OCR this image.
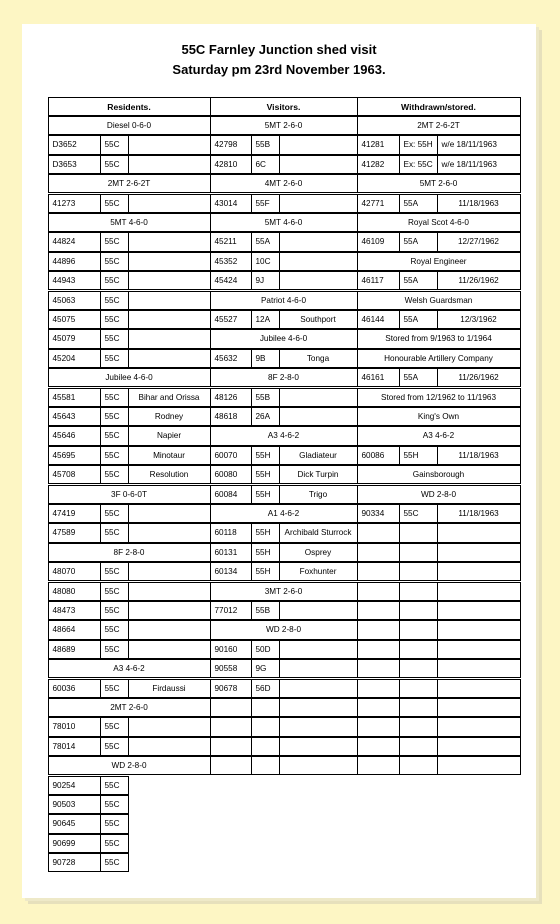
55C Farnley Junction shed visit
Saturday pm 23rd November 1963.
Residents.	Visitors.	Withdrawn/stored.
Diesel 0-6-0	5MT 2-6-0	2MT 2-6-2T
D3652	55C	42798	55B	41281	Ex: 55H	w/e 18/11/1963
D3653	55C	42810	6C	41282	Ex: 55C	w/e 18/11/1963
2MT 2-6-2T	4MT 2-6-0	5MT 2-6-0
41273	55C	43014	55F	42771	55A	11/18/1963
5MT 4-6-0	5MT 4-6-0	Royal Scot 4-6-0
44824	55C	45211	55A	46109	55A	12/27/1962
44896	55C	45352	10C	Royal Engineer
44943	55C	45424	9J	46117	55A	11/26/1962
45063	55C	Patriot 4-6-0	Welsh Guardsman
45075	55C	45527	12A	Southport	46144	55A	12/3/1962
45079	55C	Jubilee 4-6-0	Stored from 9/1963 to 1/1964
45204	55C	45632	9B	Tonga	Honourable Artillery Company
Jubilee 4-6-0	8F 2-8-0	46161	55A	11/26/1962
45581	55C	Bihar and Orissa	48126	55B	Stored from 12/1962 to 11/1963
45643	55C	Rodney	48618	26A	King's Own
45646	55C	Napier	A3 4-6-2	A3 4-6-2
45695	55C	Minotaur	60070	55H	Gladiateur	60086	55H	11/18/1963
45708	55C	Resolution	60080	55H	Dick Turpin	Gainsborough
3F 0-6-0T	60084	55H	Trigo	WD 2-8-0
47419	55C	A1 4-6-2	90334	55C	11/18/1963
47589	55C	60118	55H	Archibald Sturrock
8F 2-8-0	60131	55H	Osprey
48070	55C	60134	55H	Foxhunter
48080	55C	3MT 2-6-0
48473	55C	77012	55B
48664	55C	WD 2-8-0
48689	55C	90160	50D
A3 4-6-2	90558	9G
60036	55C	Firdaussi	90678	56D
2MT 2-6-0
78010	55C
78014	55C
WD 2-8-0
90254	55C
90503	55C
90645	55C
90699	55C
90728	55C
